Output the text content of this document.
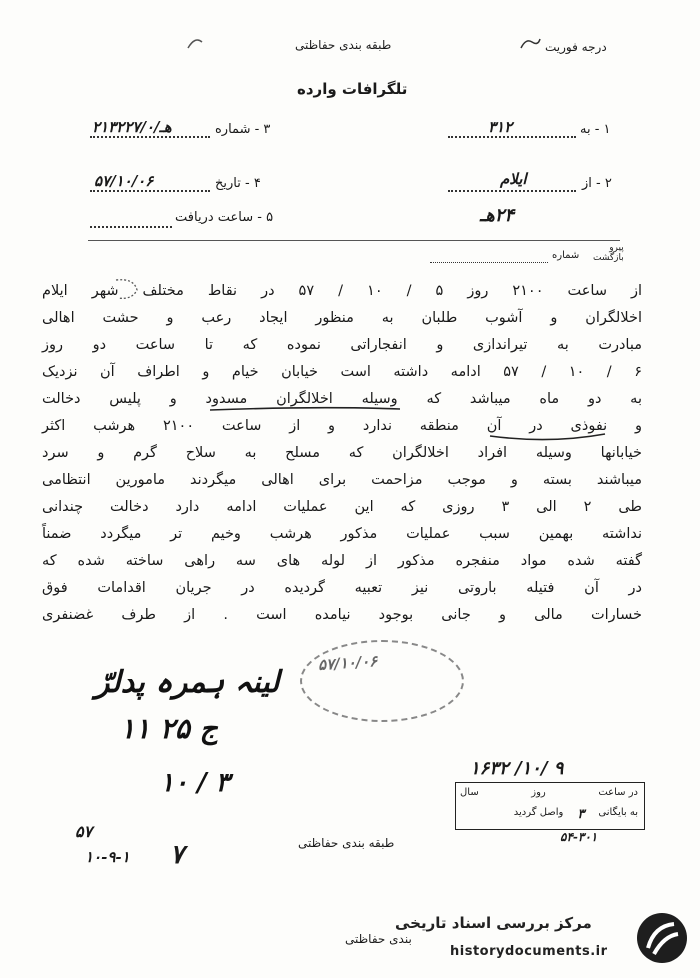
طبقه بندی حفاظتی	درجه فوریت
تلگرافات وارده
۱ - به
۳۱۲
۳ - شماره
۲۱۳۲۲۷/۰/هـ
۲ - از
ایلام
۴ - تاریخ
۵۷/۱۰/۰۶
۵ - ساعت دریافت	۲۴هـ
پیرو
بازگشت
شماره
از ساعت ۲۱۰۰ روز ۵ / ۱۰ / ۵۷ در نقاط مختلف شهر ایلام
اخلالگران و آشوب طلبان به منظور ایجاد رعب و حشت اهالی
مبادرت به تیراندازی و انفجاراتی نموده که تا ساعت دو روز
۶ / ۱۰ / ۵۷ ادامه داشته است خیابان خیام و اطراف آن نزدیک
به دو ماه میباشد که وسیله اخلالگران مسدود و پلیس دخالت
و نفوذی در آن منطقه ندارد و از ساعت ۲۱۰۰ هرشب اکثر
خیابانها وسیله افراد اخلالگران که مسلح به سلاح گرم و سرد
میباشند بسته و موجب مزاحمت برای اهالی میگردند مامورین انتظامی
طی ۲ الی ۳ روزی که این عملیات ادامه دارد دخالت چندانی
نداشته بهمین سبب عملیات مذکور هرشب وخیم تر میگردد ضمناً
گفته شده مواد منفجره مذکور از لوله های سه راهی ساخته شده که
در آن فتیله باروتی نیز تعبیه گردیده در جریان اقدامات فوق
خسارات مالی و جانی بوجود نیامده است . از طرف غضنفری
لینہ ہمرہ پدلرّ
۱۱ ج ۲۵
۱۰ / ۳
۵۷/۱۰/۰۶
۱۶۳۲ /۱۰/ ۹
در ساعت
روز
سال
به بایگانی
۳
واصل گردید
۵۴-۳۰۱
۵۷
۱۰-۹-۱ ۷	طبقه بندی حفاظتی
بندی حفاظتی
مرکز بررسی اسناد تاریخی
historydocuments.ir
